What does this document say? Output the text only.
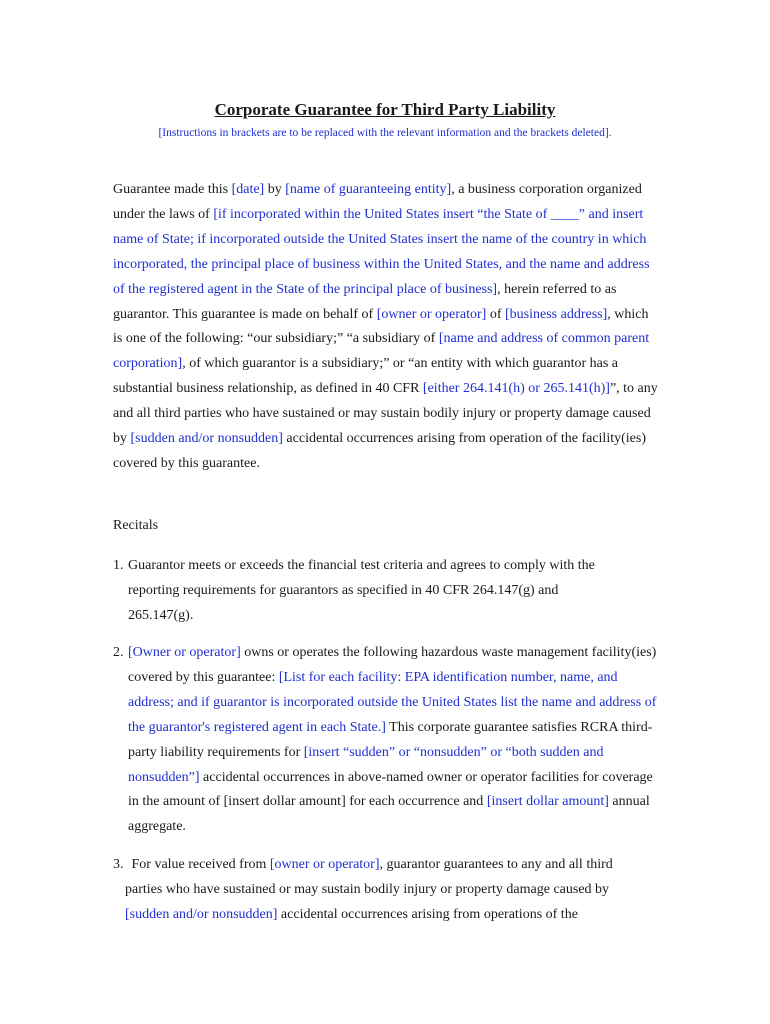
Corporate Guarantee for Third Party Liability
[Instructions in brackets are to be replaced with the relevant information and the brackets deleted].
Guarantee made this [date] by [name of guaranteeing entity], a business corporation organized under the laws of [if incorporated within the United States insert “the State of ____” and insert name of State; if incorporated outside the United States insert the name of the country in which incorporated, the principal place of business within the United States, and the name and address of the registered agent in the State of the principal place of business], herein referred to as guarantor. This guarantee is made on behalf of [owner or operator] of [business address], which is one of the following: “our subsidiary;” “a subsidiary of [name and address of common parent corporation], of which guarantor is a subsidiary;” or “an entity with which guarantor has a substantial business relationship, as defined in 40 CFR [either 264.141(h) or 265.141(h)]”, to any and all third parties who have sustained or may sustain bodily injury or property damage caused by [sudden and/or nonsudden] accidental occurrences arising from operation of the facility(ies) covered by this guarantee.
Recitals
1. Guarantor meets or exceeds the financial test criteria and agrees to comply with the
reporting requirements for guarantors as specified in 40 CFR 264.147(g) and
265.147(g).
2. [Owner or operator] owns or operates the following hazardous waste management facility(ies) covered by this guarantee: [List for each facility: EPA identification number, name, and address; and if guarantor is incorporated outside the United States list the name and address of the guarantor's registered agent in each State.] This corporate guarantee satisfies RCRA third-party liability requirements for [insert “sudden” or “nonsudden” or “both sudden and nonsudden”] accidental occurrences in above-named owner or operator facilities for coverage in the amount of [insert dollar amount] for each occurrence and [insert dollar amount] annual aggregate.
3. For value received from [owner or operator], guarantor guarantees to any and all third
parties who have sustained or may sustain bodily injury or property damage caused by
[sudden and/or nonsudden] accidental occurrences arising from operations of the
